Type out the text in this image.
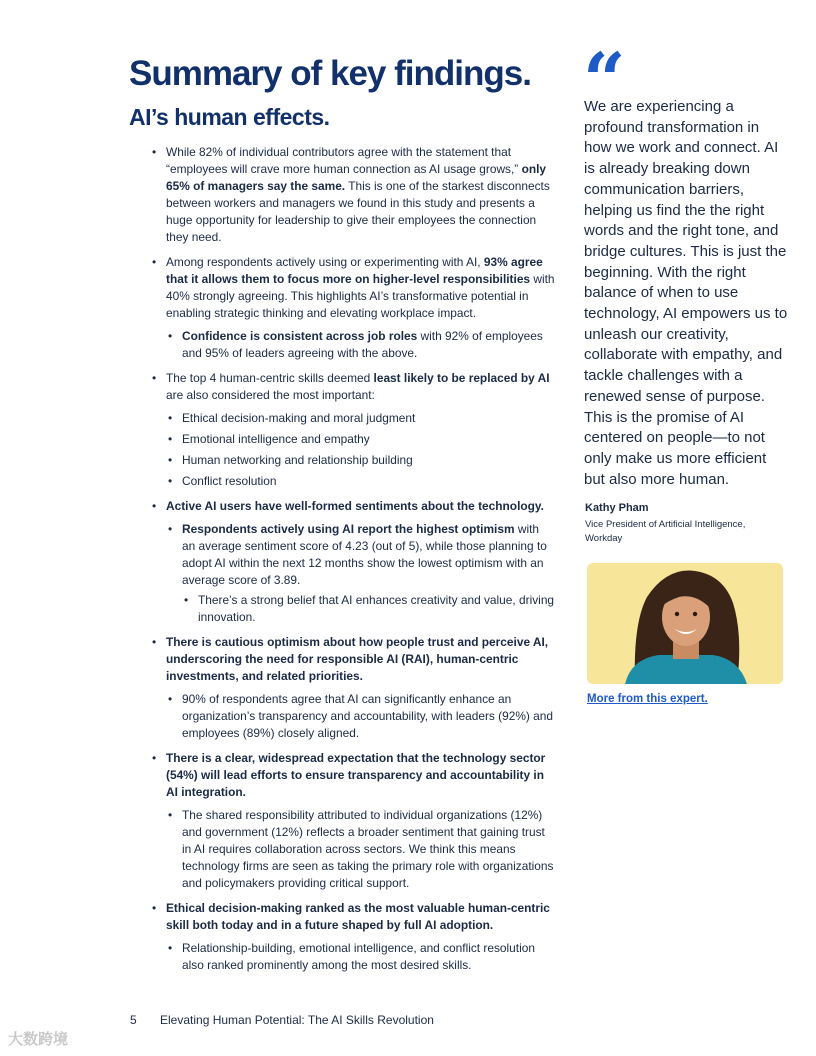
Summary of key findings.
AI’s human effects.
• While 82% of individual contributors agree with the statement that “employees will crave more human connection as AI usage grows,” only 65% of managers say the same. This is one of the starkest disconnects between workers and managers we found in this study and presents a huge opportunity for leadership to give their employees the connection they need.
• Among respondents actively using or experimenting with AI, 93% agree that it allows them to focus more on higher-level responsibilities with 40% strongly agreeing. This highlights AI’s transformative potential in enabling strategic thinking and elevating workplace impact.
• Confidence is consistent across job roles with 92% of employees and 95% of leaders agreeing with the above.
• The top 4 human-centric skills deemed least likely to be replaced by AI are also considered the most important:
• Ethical decision-making and moral judgment
• Emotional intelligence and empathy
• Human networking and relationship building
• Conflict resolution
• Active AI users have well-formed sentiments about the technology.
• Respondents actively using AI report the highest optimism with an average sentiment score of 4.23 (out of 5), while those planning to adopt AI within the next 12 months show the lowest optimism with an average score of 3.89.
• There’s a strong belief that AI enhances creativity and value, driving innovation.
• There is cautious optimism about how people trust and perceive AI, underscoring the need for responsible AI (RAI), human-centric investments, and related priorities.
• 90% of respondents agree that AI can significantly enhance an organization’s transparency and accountability, with leaders (92%) and employees (89%) closely aligned.
• There is a clear, widespread expectation that the technology sector (54%) will lead efforts to ensure transparency and accountability in AI integration.
• The shared responsibility attributed to individual organizations (12%) and government (12%) reflects a broader sentiment that gaining trust in AI requires collaboration across sectors. We think this means technology firms are seen as taking the primary role with organizations and policymakers providing critical support.
• Ethical decision-making ranked as the most valuable human-centric skill both today and in a future shaped by full AI adoption.
• Relationship-building, emotional intelligence, and conflict resolution also ranked prominently among the most desired skills.
“

We are experiencing a profound transformation in how we work and connect. AI is already breaking down communication barriers, helping us find the the right words and the right tone, and bridge cultures. This is just the beginning. With the right balance of when to use technology, AI empowers us to unleash our creativity, collaborate with empathy, and tackle challenges with a renewed sense of purpose. This is the promise of AI centered on people—to not only make us more efficient but also more human.

Kathy Pham
Vice President of Artificial Intelligence, Workday
More from this expert.
5 Elevating Human Potential: The AI Skills Revolution
大数跨境
